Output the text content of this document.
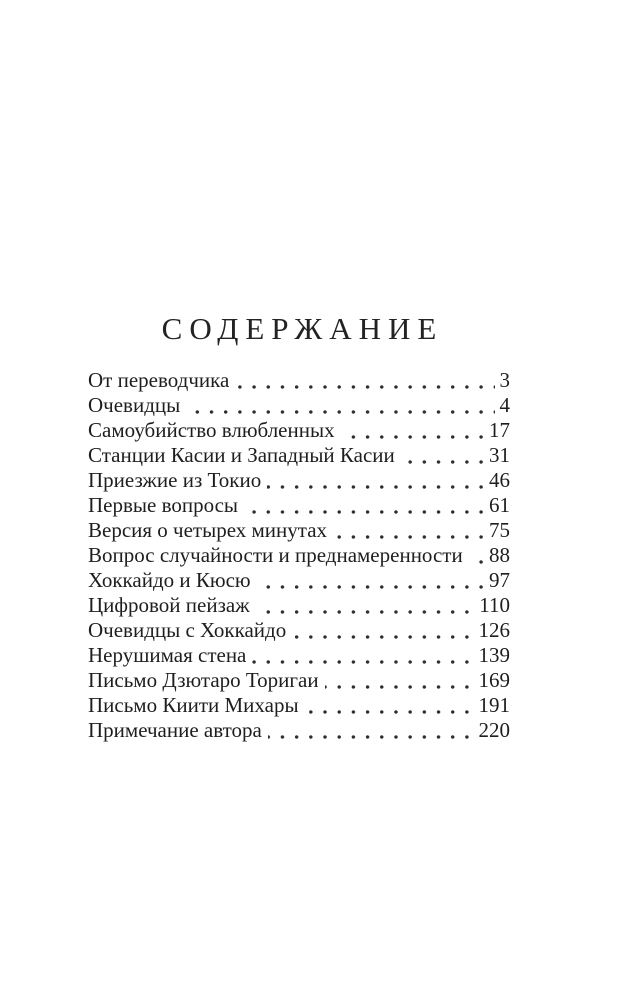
СОДЕРЖАНИЕ
От переводчика	3
Очевидцы	4
Самоубийство влюбленных	17
Станции Касии и Западный Касии	31
Приезжие из Токио	46
Первые вопросы	61
Версия о четырех минутах	75
Вопрос случайности и преднамеренности 88
Хоккайдо и Кюсю	97
Цифровой пейзаж	110
Очевидцы с Хоккайдо	126
Нерушимая стена	139
Письмо Дзютаро Торигаи	169
Письмо Киити Михары	191
Примечание автора	220
